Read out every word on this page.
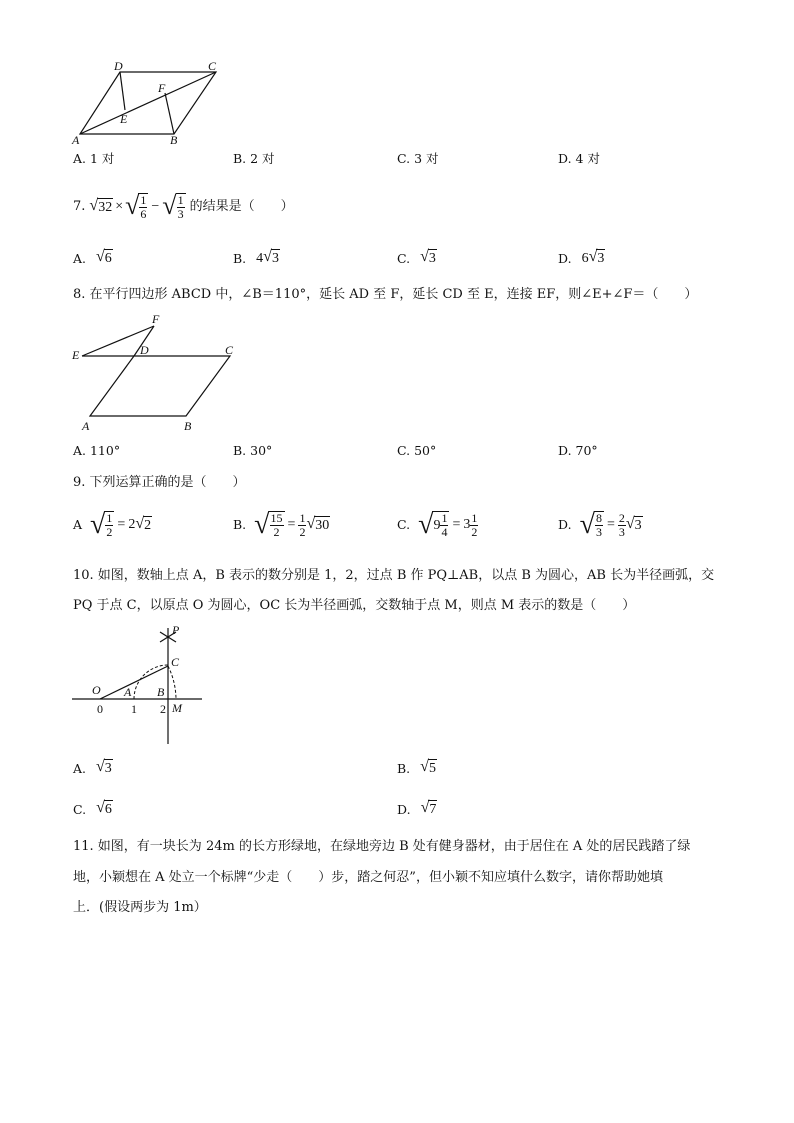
D	C
F
E
A	B
A. 1 对	B. 2 对	C. 3 对	D. 4 对
7. √ 32 × √ $\frac{1}{6}$ − √ $\frac{1}{3}$ 的结果是（　　）
A. √ 6	B. 4 √ 3	C. √ 3	D. 6 √ 3
8. 在平行四边形 ABCD 中，∠B＝110°，延长 AD 至 F，延长 CD 至 E，连接 EF，则∠E+∠F＝（　　）
F
E	D	C
A	B
A. 110°	B. 30°	C. 50°	D. 70°
9. 下列运算正确的是（　　）
A √ $\frac{1}{2} = 2$ √ 2	B. √ $\frac{15}{2} = \frac{1}{2}$ √ 30	C. √ $9 \frac{1}{4} = 3 \frac{1}{2}$	D. √ $\frac{8}{3} = \frac{2}{3}$ √ 3
10. 如图，数轴上点 A，B 表示的数分别是 1，2，过点 B 作 PQ⊥AB，以点 B 为圆心，AB 长为半径画弧，交
PQ 于点 C，以原点 O 为圆心，OC 长为半径画弧，交数轴于点 M，则点 M 表示的数是（　　）
P
C
O A B
M
0 1 2
A. √ 3	B. √ 5
C. √ 6	D. √ 7
11. 如图，有一块长为 24m 的长方形绿地，在绿地旁边 B 处有健身器材，由于居住在 A 处的居民践踏了绿
地，小颖想在 A 处立一个标牌“少走（　　）步，踏之何忍”，但小颖不知应填什么数字，请你帮助她填
上．(假设两步为 1m）
